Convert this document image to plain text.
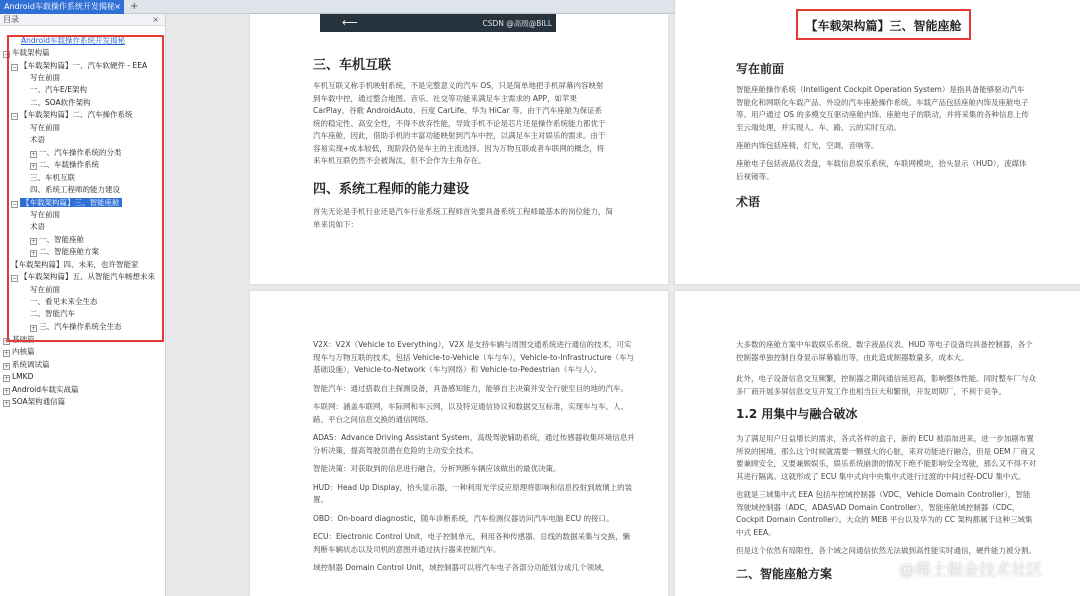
Android车载操作系统开发揭秘 × +
目录	×
Android车载操作系统开发揭秘
− 车载架构篇
− 【车载架构篇】一、汽车软硬件 - EEA
写在前面
一、汽车E/E架构
二、SOA软件架构
− 【车载架构篇】二、汽车操作系统
写在前面
术语
+ 一、汽车操作系统的分类
+ 二、车载操作系统
三、车机互联
四、系统工程师的能力建设
− 【车载架构篇】三、智能座舱
写在前面
术语
+ 一、智能座舱
+ 二、智能座舱方案
【车载架构篇】四、未来，也许智能家
− 【车载架构篇】五、从智能汽车畅想未来
写在前面
一、看见未来全生态
二、智能汽车
+ 三、汽车操作系统全生态
+ 基础篇
+ 内核篇
+ 系统调试篇
+ LMKD
+ Android车载实战篇
+ SOA架构通信篇
⟵	CSDN @高级@BILL
三、车机互联
车机互联又称手机映射系统，不是完整意义的汽车 OS，只是简单地把手机屏幕内容映射到车载中控，通过整合地图、音乐、社交等功能来满足车主需求的 APP，如苹果 CarPlay、谷歌 AndroidAuto、百度 CarLife、华为 HiCar 等。由于汽车座舱为保证系统的稳定性、高安全性，不得不放弃性能，导致手机不论是芯片还是操作系统能力都优于汽车座舱，因此，借助手机的丰富功能映射到汽车中控，以满足车主对娱乐的需求。由于容易实现+成本较低，现阶段仍是车主的主流选择。因为万物互联或者车联网的概念，将来车机互联仍然不会被淘汰，但不会作为主角存在。
四、系统工程师的能力建设
首先无论是手机行业还是汽车行业系统工程师首先要具备系统工程师最基本的岗位能力，简单来说如下：
【车载架构篇】三、智能座舱
写在前面
智能座舱操作系统（Intelligent Cockpit Operation System）是指具备能够驱动汽车智能化和网联化车载产品、外设的汽车座舱操作系统。车载产品包括座舱内饰及座舱电子等。用户通过 OS 的多模交互驱动座舱内饰、座舱电子的联动，并将采集的各种信息上传至云端处理，并实现人、车、路、云的实时互动。
座舱内饰包括座椅，灯光，空调，音响等。
座舱电子包括液晶仪表盘，车载信息娱乐系统，车联网模块，抬头显示（HUD），流媒体后视镜等。
术语
V2X：V2X（Vehicle to Everything），V2X 是支持车辆与周围交通系统进行通信的技术，可实现车与万物互联的技术，包括 Vehicle-to-Vehicle（车与车），Vehicle-to-Infrastructure（车与基础设施），Vehicle-to-Network（车与网络）和 Vehicle-to-Pedestrian（车与人）。
智能汽车：通过搭载自主探测设备，具备感知能力，能够自主决策并安全行驶至目的地的汽车。
车联网：涵盖车联网，车际网和车云网，以及特定通信协议和数据交互标准，实现车与车、人、路、平台之间信息交换的通信网络。
ADAS：Advance Driving Assistant System，高级驾驶辅助系统，通过传感器收集环境信息并分析决策，提高驾驶员潜在危险的主动安全技术。
智能决策：对获取到的信息进行融合，分析判断车辆应该做出的最优决策。
HUD：Head Up Display，抬头显示器，一种利用光学反应原理将影响和信息投射到玻璃上的装置。
OBD：On-board diagnostic，随车诊断系统，汽车检测仪器访问汽车电脑 ECU 的接口。
ECU：Electronic Control Unit，电子控制单元，利用各种传感器、总线的数据采集与交换，懒判断车辆状态以及司机的意图并通过执行器来控制汽车。
域控制器 Domain Control Unit，域控制器可以将汽车电子各部分功能划分成几个领域，
大多数的座舱方案中车载娱乐系统、数字液晶仪表、HUD 等电子设备均具备控制器，各个控制器单独控制自身显示屏幕输出等，由此造成制器数量多，成本大。
此外，电子设备信息交互频繁，控制器之期间通信延迟高，影响整体性能。同时整车厂与众多厂商开展多屏信息交互开发工作也相当巨大和繁琐，开发周期厂，不利于竞争。
1.2 用集中与融合破冰
为了满足用户日益增长的需求，各式各样的盒子，新的 ECU 被添加进来，进一步加剧布置所说的困境。那么这个时候就需要一颗强大的心脏，来对功能进行融合，但是 OEM 厂商又要兼顾安全，又要兼顾娱乐，娱乐系统崩溃的情况下绝不能影响安全驾驶，那么又不得不对其进行隔离。这就形成了 ECU 集中式向中央集中式进行过渡的中间过程-DCU 集中式。
也就是三域集中式 EEA 包括车控域控制器（VDC，Vehicle Domain Controller），智能驾驶域控制器（ADC，ADAS\AD Domain Controller），智能座舱域控制器（CDC，Cockpit Domain Controller）。大众的 MEB 平台以及华为的 CC 架构都属于这种三域集中式 EEA。
但是这个依然有局限性，各个域之间通信依然无法做到高性能实时通信，硬件能力被分割。
二、智能座舱方案	@稀土掘金技术社区
